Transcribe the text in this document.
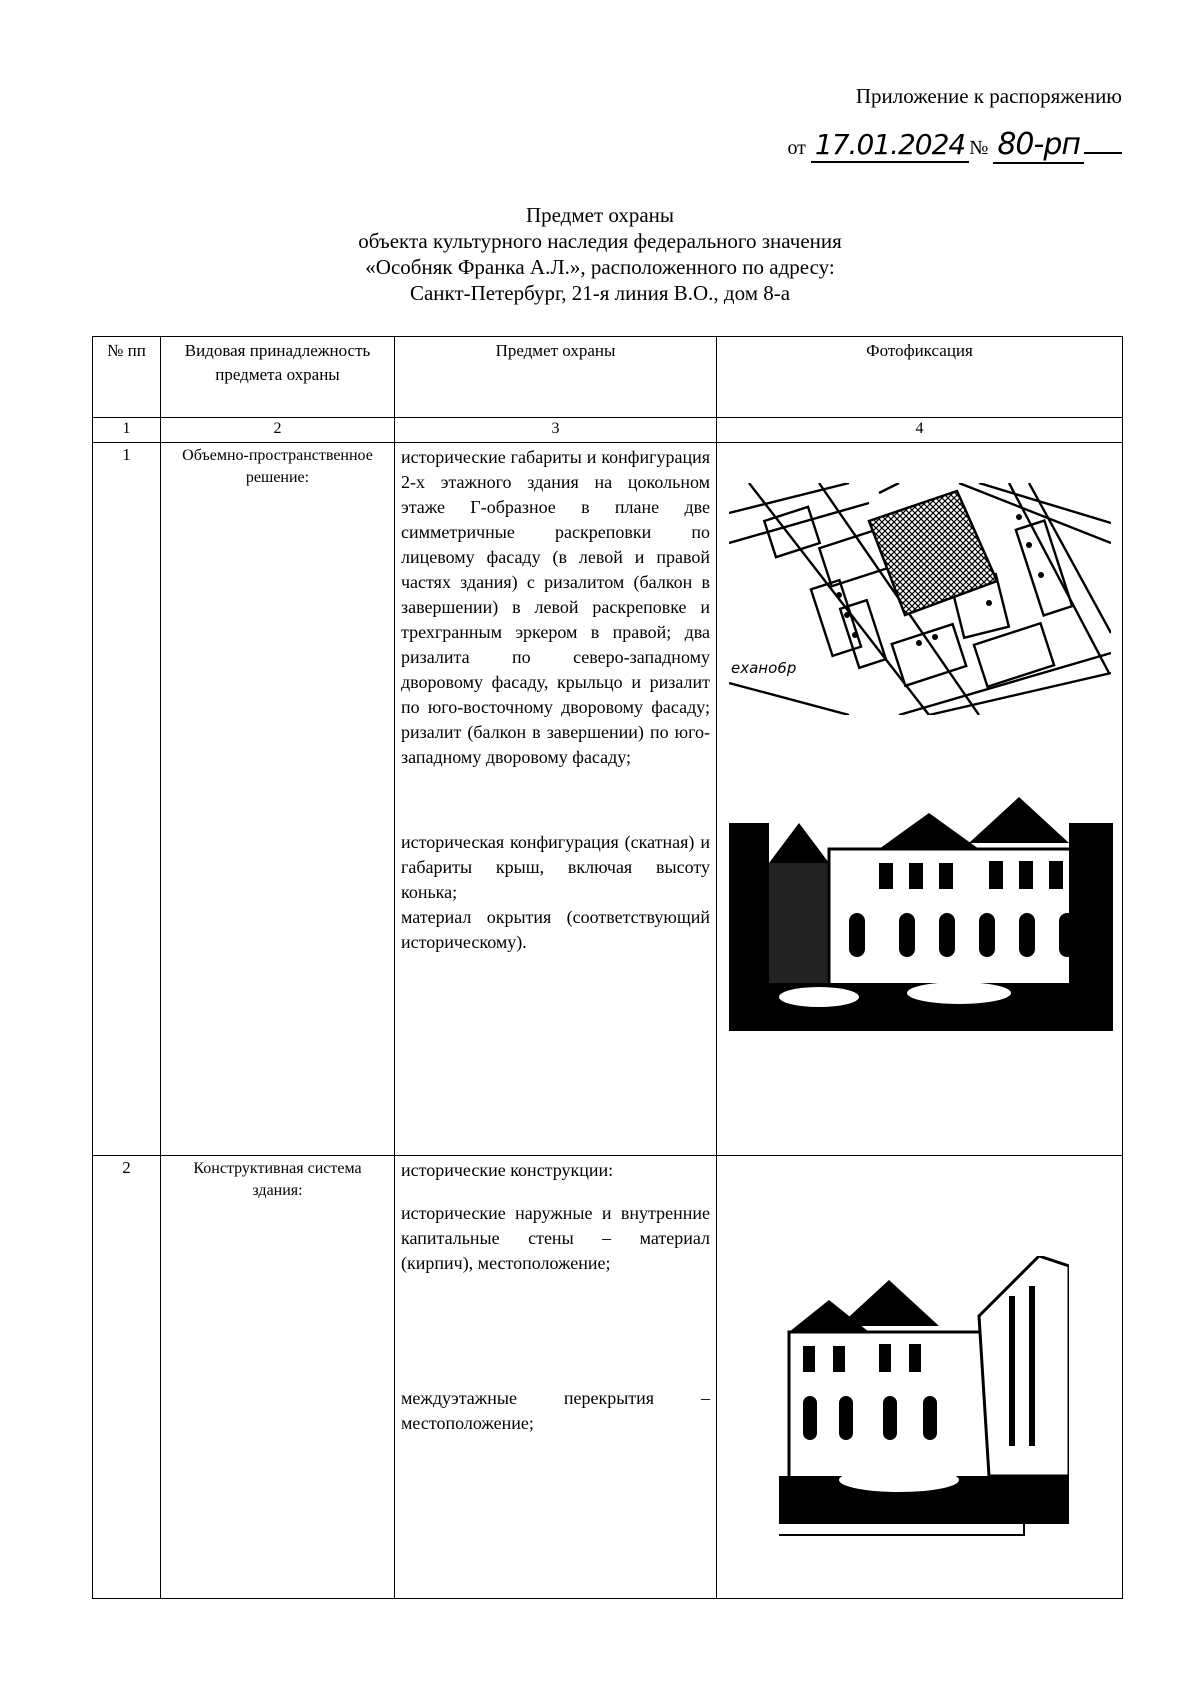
Приложение к распоряжению
от 17.01.2024 № 80-рп
Предмет охраны
объекта культурного наследия федерального значения
«Особняк Франка А.Л.», расположенного по адресу:
Санкт-Петербург, 21-я линия В.О., дом 8-а
№ пп	Видовая принадлежность предмета охраны	Предмет охраны	Фотофиксация
1	2	3	4
1	Объемно-пространственное решение:	исторические габариты и конфигурация 2-х этажного здания на цокольном этаже Г-образное в плане две симметричные раскреповки по лицевому фасаду (в левой и правой частях здания) с ризалитом (балкон в завершении) в левой раскреповке и трехгранным эркером в правой; два ризалита по северо-западному дворовому фасаду, крыльцо и ризалит по юго-восточному дворовому фасаду; ризалит (балкон в завершении) по юго-западному дворовому фасаду;

историческая конфигурация (скатная) и габариты крыш, включая высоту конька;

материал окрытия (соответствующий историческому).	ехано6р

2	Конструктивная система здания:	исторические конструкции:

исторические наружные и внутренние капитальные стены – материал (кирпич), местоположение;

междуэтажные перекрытия – местоположение;
